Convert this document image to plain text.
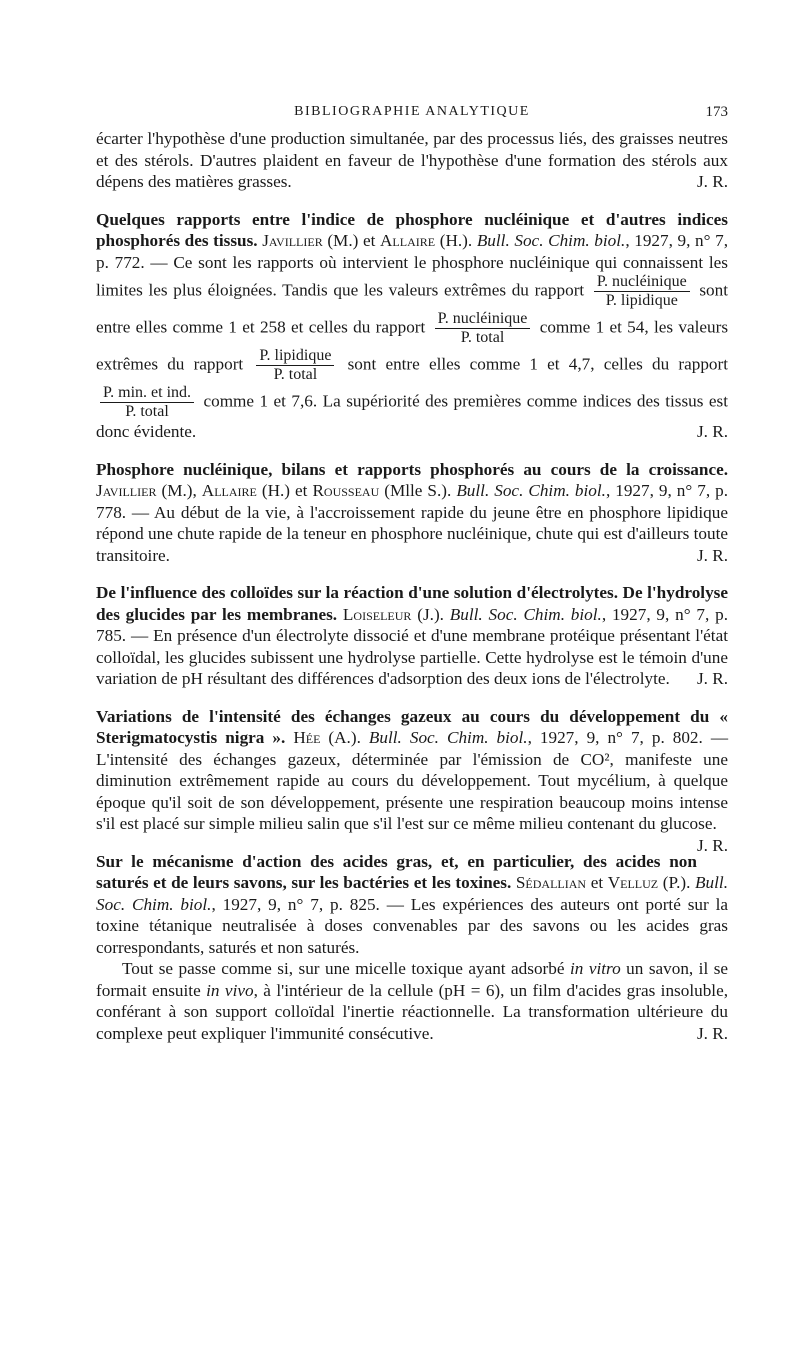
BIBLIOGRAPHIE ANALYTIQUE	173

écarter l'hypothèse d'une production simultanée, par des processus liés, des graisses neutres et des stérols. D'autres plaident en faveur de l'hypothèse d'une formation des stérols aux dépens des matières grasses.	J. R.

Quelques rapports entre l'indice de phosphore nucléinique et d'autres indices phosphorés des tissus. Javillier (M.) et Allaire (H.). Bull. Soc. Chim. biol., 1927, 9, n° 7, p. 772. — Ce sont les rapports où intervient le phosphore nucléinique qui connaissent les limites les plus éloignées. Tandis que les valeurs extrêmes du rapport $\frac{\text{P. nucléinique}}{\text{P. lipidique}}$ sont entre elles comme 1 et 258 et celles du rapport $\frac{\text{P. nucléinique}}{\text{P. total}}$ comme 1 et 54, les valeurs extrêmes du rapport $\frac{\text{P. lipidique}}{\text{P. total}}$ sont entre elles comme 1 et 4,7, celles du rapport
$\frac{\text{P. min. et ind.}}{\text{P. total}}$ comme 1 et 7,6. La supériorité des premières comme indices des tissus est donc évidente.	J. R.

Phosphore nucléinique, bilans et rapports phosphorés au cours de la croissance. Javillier (M.), Allaire (H.) et Rousseau (Mlle S.). Bull. Soc. Chim. biol., 1927, 9, n° 7, p. 778. — Au début de la vie, à l'accroissement rapide du jeune être en phosphore lipidique répond une chute rapide de la teneur en phosphore nucléinique, chute qui est d'ailleurs toute transitoire.	J. R.

De l'influence des colloïdes sur la réaction d'une solution d'électrolytes. De l'hydrolyse des glucides par les membranes. Loiseleur (J.). Bull. Soc. Chim. biol., 1927, 9, n° 7, p. 785. — En présence d'un électrolyte dissocié et d'une membrane protéique présentant l'état colloïdal, les glucides subissent une hydrolyse partielle. Cette hydrolyse est le témoin d'une variation de pH résultant des différences d'adsorption des deux ions de l'électrolyte. J. R.

Variations de l'intensité des échanges gazeux au cours du développement du « Sterigmatocystis nigra ». Hée (A.). Bull. Soc. Chim. biol., 1927, 9, n° 7, p. 802. — L'intensité des échanges gazeux, déterminée par l'émission de CO², manifeste une diminution extrêmement rapide au cours du développement. Tout mycélium, à quelque époque qu'il soit de son développement, présente une respiration beaucoup moins intense s'il est placé sur simple milieu salin que s'il l'est sur ce même milieu contenant du glucose.
J. R.

Sur le mécanisme d'action des acides gras, et, en particulier, des acides non saturés et de leurs savons, sur les bactéries et les toxines. Sédallian et Velluz (P.). Bull. Soc. Chim. biol., 1927, 9, n° 7, p. 825. — Les expériences des auteurs ont porté sur la toxine tétanique neutralisée à doses convenables par des savons ou les acides gras correspondants, saturés et non saturés.

Tout se passe comme si, sur une micelle toxique ayant adsorbé in vitro un savon, il se formait ensuite in vivo, à l'intérieur de la cellule (pH = 6), un film d'acides gras insoluble, conférant à son support colloïdal l'inertie réactionnelle. La transformation ultérieure du complexe peut expliquer l'immunité consécutive.	J. R.
